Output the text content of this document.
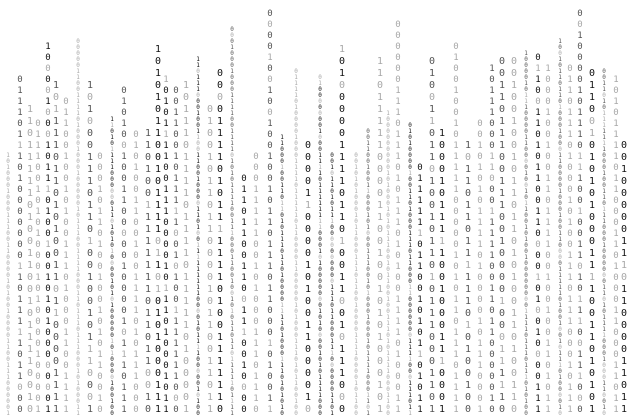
1
0
1
0
0
0
1
0
0
0
1
1
1
0
0
1
1
0
0
0
0
1
0
1
0
0
1
0
0
0
0
1
1
0
0
1
1
1
0
0
0
0
0
1
0
1
1
1
0
1
1
1
0
1
0
0
0
0
0
0
0
1
1
0
1
1
1
1
1
0
1
1
0
0
0
1
1
0
1
1
1
1
1
0
1
0
0
1
1
0
0
1
0
1
1
1
1
0
0
1
0
0
1
1
1
0
0
1
0
1
0
1
0
0
0
1
0
1
0
0
0
0
1
0
0
0
0
1
1
0
0
0
0
1
0
0
0
1
0
1
1
1
0
1
0
0
1
0
0
1
0
1
0
1
0
0
0
0
0
0
0
1
1
0
1
1
1
1
0
1
1
0
1
0
1
0
0
1
1
0
1
1
0
0
0
0
1
1
1
1
0
1
1
0
0
1
0
0
1
0
1
0
0
1
1
1
0
1
0
0
0
1
1
0
0
1
1
1
1
0
0
0
0
0
1
1
0
0
1
1
1
1
0
1
0
0
0
1
0
0
0
1
0
0
0
0
0
1
0
1
1
1
0
0
1
1
1
1
0
0
0
1
1
0
1
1
1
0
1
1
1
0
0
0
1
0
1
0
0
0
1
1
1
0
1
0
0
0
1
1
1
0
1
1
0
1
0
0
1
0
0
1
0
1
1
1
0
0
0
1
0
0
0
1
0
1
1
0
1
0
0
1
0
0
1
0
1
0
1
1
0
0
1
0
1
1
0
1
0
1
1
1
1
0
0
0
0
0
0
1
1
0
1
0
1
0
1
0
0
0
0
1
0
1
0
1
0
0
0
0
0
1
0
1
0
0
0
0
1
0
0
1
0
0
0
1
0
1
0
0
1
0
0
1
1
0
0
0
0
0
1
0
0
0
0
1
0
1
1
1
0
1
1
1
0
1
0
1
0
0
1
1
0
0
1
0
0
1
1
1
1
0
1
0
1
1
1
0
0
0
1
1
0
1
0
0
1
1
1
1
1
1
1
1
0
1
1
0
1
1
0
0
1
0
1
0
1
0
1
0
1
1
0
0
1
0
1
1
1
1
0
1
1
0
1
0
1
0
1
0
0
0
1
1
1
1
0
1
0
1
1
1
1
0
0
1
1
1
0
0
0
0
1
0
1
1
1
0
1
0
0
0
1
0
1
1
0
0
1
1
0
0
1
0
1
1
1
1
1
0
0
1
0
1
0
0
1
1
1
1
1
1
1
0
0
0
1
0
1
1
1
0
1
1
1
1
0
1
1
1
1
0
1
1
1
1
1
0
1
0
0
0
0
1
1
1
0
1
1
1
0
0
0
1
0
0
1
1
0
0
1
1
0
0
1
0
0
0
0
1
1
0
1
0
0
1
1
1
1
1
1
1
1
1
0
0
0
0
1
0
1
1
1
1
0
0
0
0
0
1
0
1
0
0
0
1
0
0
1
0
1
1
0
1
1
0
0
0
0
1
0
1
1
0
0
1
1
0
1
1
0
0
0
0
1
1
1
1
0
1
0
1
1
1
1
1
1
1
0
1
0
0
1
1
1
1
1
1
0
0
0
0
1
0
0
0
1
0
0
0
1
1
1
1
0
0
1
1
1
1
0
1
0
1
0
1
1
1
1
0
0
1
1
1
0
0
0
1
1
0
0
1
0
0
1
0
1
0
1
1
0
1
1
0
1
1
1
1
1
0
1
1
1
1
0
1
1
0
1
1
0
0
1
1
0
0
1
1
1
0
0
1
0
0
0
0
0
0
0
1
1
1
1
1
0
0
1
0
1
0
0
0
1
1
1
0
1
1
1
0
0
0
0
0
1
0
0
1
0
0
1
0
0
1
0
0
1
0
1
1
0
1
1
1
0
1
1
0
0
0
1
0
1
0
0
1
1
1
1
0
0
0
1
0
0
1
1
0
1
1
0
1
0
1
1
1
0
1
1
0
1
0
0
0
0
1
1
1
1
0
1
0
0
0
1
1
1
0
1
0
1
0
1
0
0
1
1
1
1
0
1
0
0
0
0
1
0
0
0
1
1
1
1
0
1
1
1
1
1
0
1
1
0
0
0
0
1
1
0
0
0
0
0
1
0
1
0
0
0
1
1
1
0
1
0
1
1
0
0
1
0
0
0
0
0
0
1
1
0
0
0
0
1
0
1
0
0
1
1
0
0
0
0
1
0
0
1
0
0
0
0
0
0
0
1
0
0
0
1
1
1
1
0
1
1
1
1
1
1
1
1
0
0
0
1
0
1
0
0
0
0
0
0
0
1
0
1
0
0
0
0
1
0
1
0
1
1
1
1
0
0
0
0
0
1
0
1
1
0
1
0
1
1
1
0
0
0
0
0
0
0
0
0
0
1
1
1
0
1
1
0
0
0
1
1
1
0
0
0
0
0
0
1
1
0
1
1
0
1
0
0
0
0
0
1
1
1
1
0
1
1
0
1
0
0
1
1
0
0
1
0
1
1
1
0
0
0
0
0
1
0
1
0
1
0
0
0
1
0
1
1
0
0
0
1
1
1
0
1
1
0
0
1
0
0
0
0
1
1
1
1
0
0
0
0
1
0
1
1
0
0
0
0
1
1
0
0
1
0
0
1
1
0
0
0
1
0
1
0
0
0
1
1
1
0
0
1
0
1
0
0
0
1
0
0
0
1
0
1
1
1
1
0
0
0
1
1
0
1
1
1
0
1
1
1
1
1
0
0
0
0
1
1
0
0
1
0
0
1
0
1
0
1
0
0
0
1
0
1
1
0
0
0
0
0
0
0
0
0
1
0
1
0
0
0
1
0
1
0
1
1
1
0
0
1
0
1
1
0
0
1
0
0
1
1
1
0
1
0
1
1
1
1
0
0
0
1
1
0
0
0
0
0
0
0
0
1
1
1
0
1
1
1
0
1
0
1
1
1
0
1
0
1
0
0
1
1
1
1
0
1
0
0
0
1
1
0
1
0
1
0
0
0
0
1
0
0
1
1
0
1
0
0
0
1
1
1
0
1
1
0
0
0
1
1
0
0
0
0
0
0
0
1
1
1
1
0
0
0
1
1
1
0
1
1
0
1
1
1
1
1
1
0
1
1
0
0
1
0
1
0
1
1
0
1
0
1
1
0
1
0
0
1
1
0
1
1
0
1
0
0
1
0
1
1
0
1
0
1
1
1
0
0
0
1
1
0
1
1
0
0
0
1
0
1
1
1
1
1
0
0
1
0
0
0
1
1
1
0
0
0
1
0
1
0
0
1
0
0
1
0
1
1
1
1
1
0
0
0
0
0
1
0
1
0
1
1
0
1
1
1
0
1
1
1
1
1
0
1
1
0
1
1
0
1
1
1
1
1
1
0
1
0
1
0
0
1
0
0
0
0
1
0
1
0
1
0
1
1
1
1
0
1
0
0
0
0
1
0
1
1
1
0
0
0
1
1
0
1
1
1
0
0
0
1
1
0
0
0
1
1
1
1
1
0
0
1
1
0
1
1
0
0
0
0
0
1
0
0
0
1
1
0
1
1
1
0
0
1
1
1
0
0
1
0
0
0
0
1
0
0
0
1
1
1
1
1
0
0
0
1
0
0
1
0
0
1
0
1
1
0
1
1
0
1
0
1
0
0
1
1
0
1
0
0
1
1
0
1
0
0
0
0
1
0
1
1
1
0
0
0
0
1
1
0
0
0
0
1
0
0
1
0
1
1
0
0
1
0
1
0
0
1
0
0
0
0
0
0
0
0
1
1
1
1
0
1
1
1
0
1
1
1
0
1
0
1
0
0
0
1
1
0
0
1
1
0
1
0
1
1
0
0
1
1
0
0
0
0
1
0
1
0
0
1
0
0
0
0
1
1
1
1
0
0
0
1
0
0
1
0
0
1
1
0
1
1
1
1
0
0
1
0
0
1
0
0
1
1
0
1
0
1
1
1
0
0
1
0
1
1
0
1
1
0
1
0
0
0
1
0
0
0
1
1
0
0
0
0
1
0
0
0
1
0
0
1
1
0
0
0
0
1
1
1
1
1
0
1
0
0
1
0
0
1
0
1
1
1
0
1
0
0
0
0
1
0
0
1
1
0
1
1
1
0
1
0
0
0
1
0
1
0
0
1
1
1
0
1
1
1
0
0
0
1
0
1
1
1
0
0
1
0
0
0
0
1
0
1
1
1
0
1
1
1
0
0
1
0
0
1
1
0
1
0
1
1
1
0
0
1
1
1
0
0
0
0
1
1
0
0
1
0
1
0
1
0
1
0
0
0
1
1
1
1
0
0
1
1
0
1
0
1
0
1
0
0
1
1
0
1
0
1
1
1
1
1
1
1
0
0
0
1
0
0
1
1
0
1
1
1
0
0
0
1
0
0
0
0
0
0
1
1
0
1
0
1
1
1
1
0
0
0
1
0
0
0
1
1
0
0
1
0
1
0
1
0
1
1
1
1
0
1
1
0
0
0
1
1
0
1
0
0
0
1
1
0
0
0
1
1
0
1
1
0
0
1
0
0
0
0
0
1
1
1
0
1
1
0
0
0
0
1
1
0
1
1
